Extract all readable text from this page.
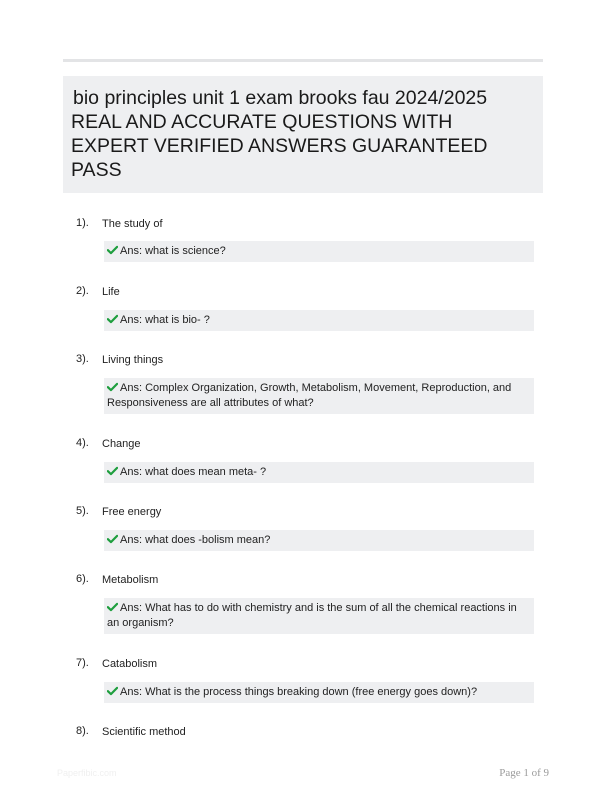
bio principles unit 1 exam brooks fau 2024/2025 REAL AND ACCURATE QUESTIONS WITH EXPERT VERIFIED ANSWERS GUARANTEED PASS
1). The study of
Ans: what is science?
2). Life
Ans: what is bio- ?
3). Living things
Ans: Complex Organization, Growth, Metabolism, Movement, Reproduction, and Responsiveness are all attributes of what?
4). Change
Ans: what does mean meta- ?
5). Free energy
Ans: what does -bolism mean?
6). Metabolism
Ans: What has to do with chemistry and is the sum of all the chemical reactions in an organism?
7). Catabolism
Ans: What is the process things breaking down (free energy goes down)?
8). Scientific method
Paperfibic.com	Page 1 of 9
